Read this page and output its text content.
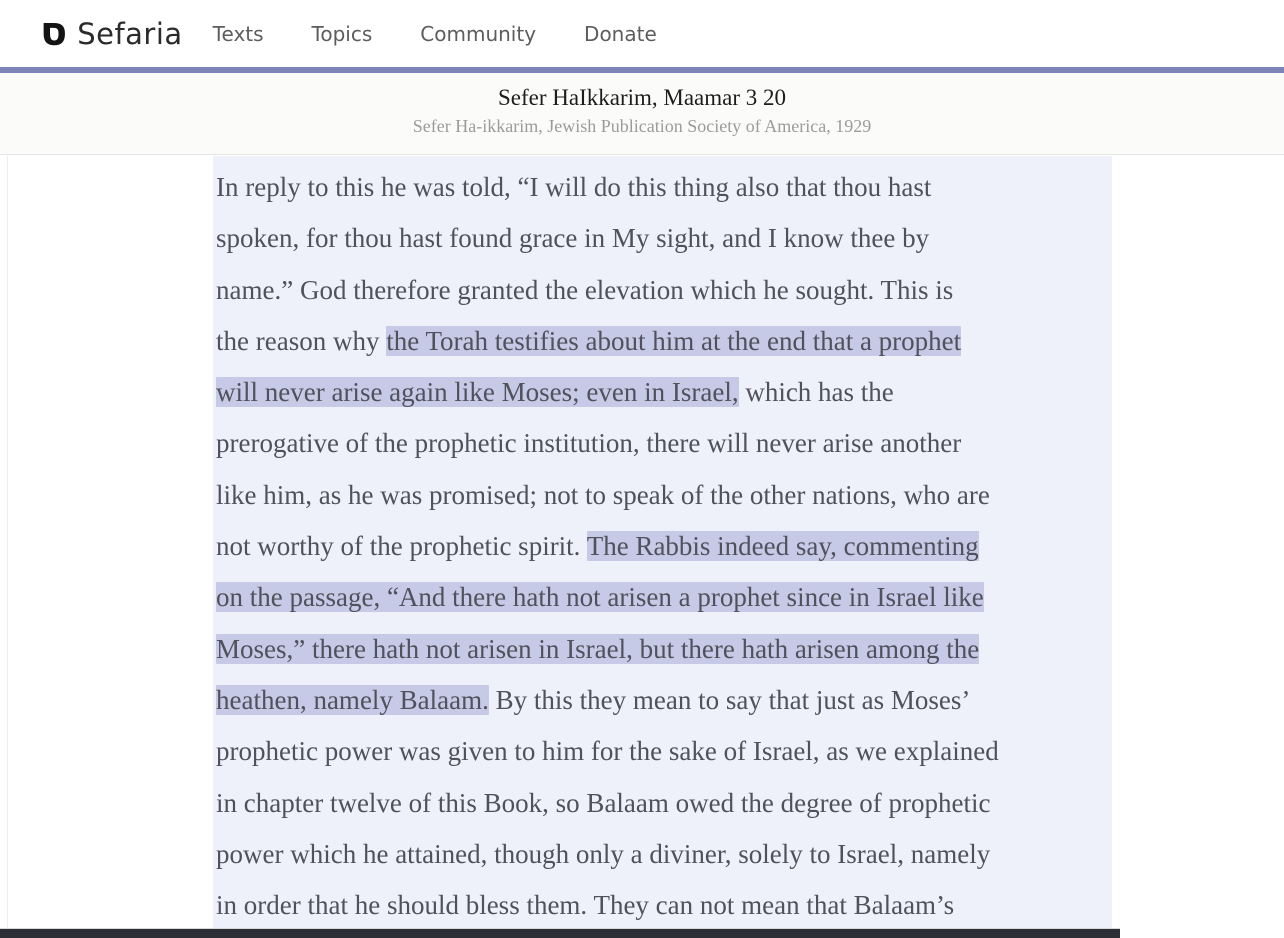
ס Sefaria Texts Topics Community Donate
Sefer HaIkkarim, Maamar 3 20
Sefer Ha-ikkarim, Jewish Publication Society of America, 1929
In reply to this he was told, “I will do this thing also that thou hast
spoken, for thou hast found grace in My sight, and I know thee by
name.” God therefore granted the elevation which he sought. This is
the reason why the Torah testifies about him at the end that a prophet
will never arise again like Moses; even in Israel, which has the
prerogative of the prophetic institution, there will never arise another
like him, as he was promised; not to speak of the other nations, who are
not worthy of the prophetic spirit. The Rabbis indeed say, commenting
on the passage, “And there hath not arisen a prophet since in Israel like
Moses,” there hath not arisen in Israel, but there hath arisen among the
heathen, namely Balaam. By this they mean to say that just as Moses’
prophetic power was given to him for the sake of Israel, as we explained
in chapter twelve of this Book, so Balaam owed the degree of prophetic
power which he attained, though only a diviner, solely to Israel, namely
in order that he should bless them. They can not mean that Balaam’s
